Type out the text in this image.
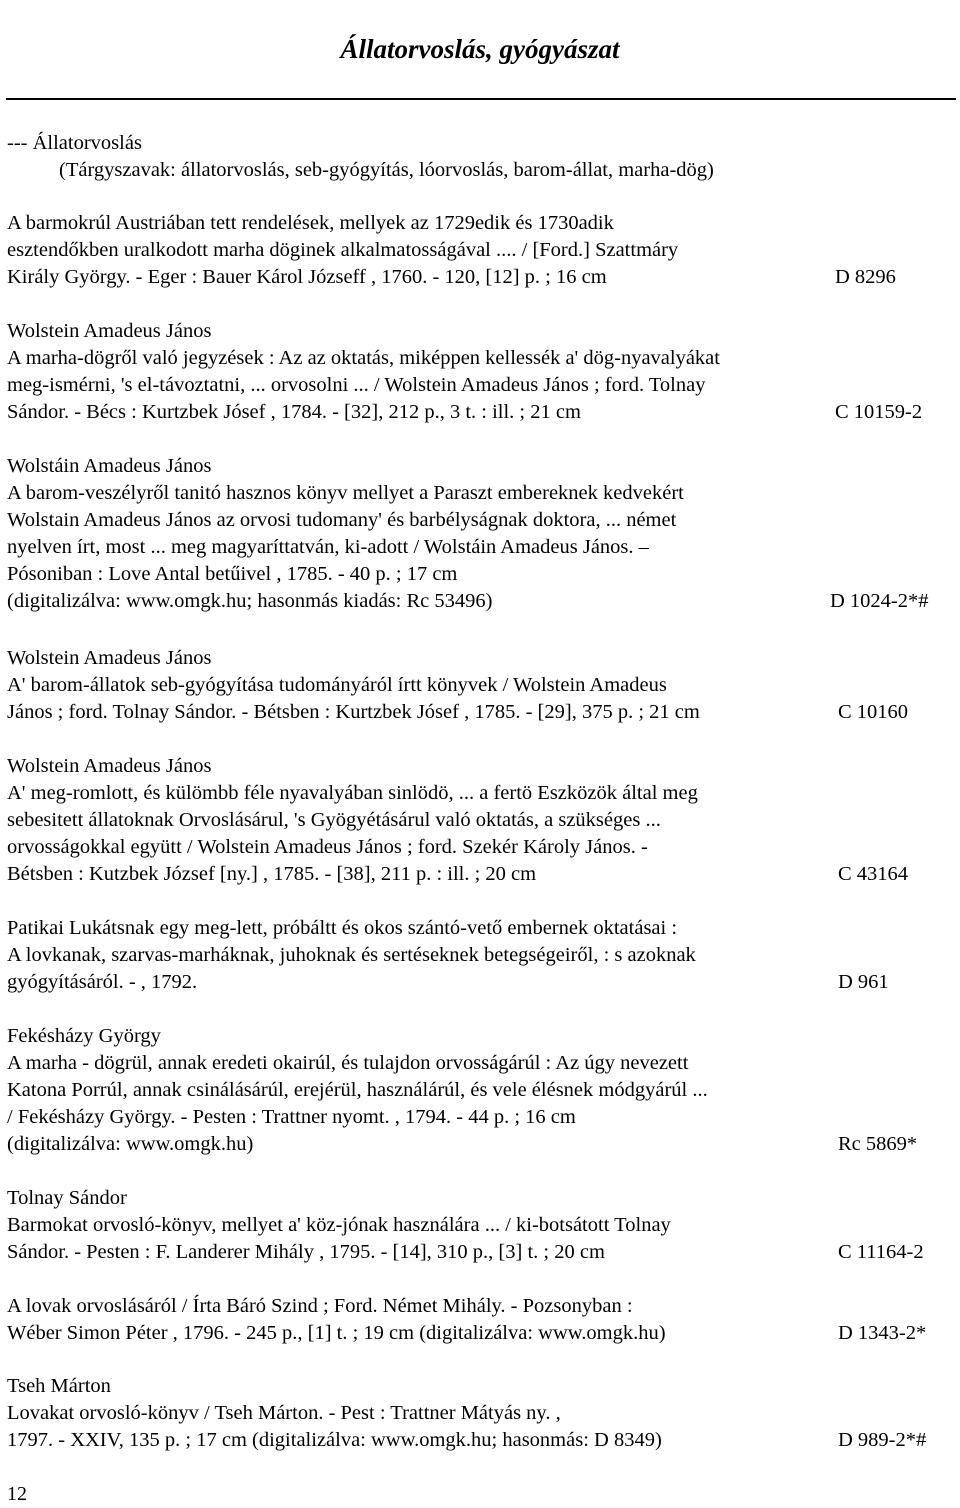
Állatorvoslás, gyógyászat
--- Állatorvoslás
(Tárgyszavak: állatorvoslás, seb-gyógyítás, lóorvoslás, barom-állat, marha-dög)
A barmokrúl Austriában tett rendelések, mellyek az 1729edik és 1730adik
esztendőkben uralkodott marha döginek alkalmatosságával .... / [Ford.] Szattmáry
Király György. - Eger : Bauer Károl Józseff , 1760. - 120, [12] p. ; 16 cm	D 8296
Wolstein Amadeus János
A marha-dögről való jegyzések : Az az oktatás, miképpen kellessék a' dög-nyavalyákat
meg-ismérni, 's el-távoztatni, ... orvosolni ... / Wolstein Amadeus János ; ford. Tolnay
Sándor. - Bécs : Kurtzbek Jósef , 1784. - [32], 212 p., 3 t. : ill. ; 21 cm	C 10159-2
Wolstáin Amadeus János
A barom-veszélyről tanitó hasznos könyv mellyet a Paraszt embereknek kedvekért
Wolstain Amadeus János az orvosi tudomany' és barbélyságnak doktora, ... német
nyelven írt, most ... meg magyaríttatván, ki-adott / Wolstáin Amadeus János. –
Pósoniban : Love Antal betűivel , 1785. - 40 p. ; 17 cm
(digitalizálva: www.omgk.hu; hasonmás kiadás: Rc 53496)	D 1024-2*#
Wolstein Amadeus János
A' barom-állatok seb-gyógyítása tudományáról írtt könyvek / Wolstein Amadeus
János ; ford. Tolnay Sándor. - Bétsben : Kurtzbek Jósef , 1785. - [29], 375 p. ; 21 cm	C 10160
Wolstein Amadeus János
A' meg-romlott, és külömbb féle nyavalyában sinlödö, ... a fertö Eszközök által meg
sebesitett állatoknak Orvoslásárul, 's Gyögyétásárul való oktatás, a szükséges ...
orvosságokkal együtt / Wolstein Amadeus János ; ford. Szekér Károly János. -
Bétsben : Kutzbek József [ny.] , 1785. - [38], 211 p. : ill. ; 20 cm	C 43164
Patikai Lukátsnak egy meg-lett, próbáltt és okos szántó-vető embernek oktatásai :
A lovkanak, szarvas-marháknak, juhoknak és sertéseknek betegségeiről, : s azoknak
gyógyításáról. - , 1792.	D 961
Fekésházy György
A marha - dögrül, annak eredeti okairúl, és tulajdon orvosságárúl : Az úgy nevezett
Katona Porrúl, annak csinálásárúl, erejérül, használárúl, és vele élésnek módgyárúl ...
/ Fekésházy György. - Pesten : Trattner nyomt. , 1794. - 44 p. ; 16 cm
(digitalizálva: www.omgk.hu)	Rc 5869*
Tolnay Sándor
Barmokat orvosló-könyv, mellyet a' köz-jónak használára ... / ki-botsátott Tolnay
Sándor. - Pesten : F. Landerer Mihály , 1795. - [14], 310 p., [3] t. ; 20 cm	C 11164-2
A lovak orvoslásáról / Írta Báró Szind ; Ford. Német Mihály. - Pozsonyban :
Wéber Simon Péter , 1796. - 245 p., [1] t. ; 19 cm (digitalizálva: www.omgk.hu)	D 1343-2*
Tseh Márton
Lovakat orvosló-könyv / Tseh Márton. - Pest : Trattner Mátyás ny. ,
1797. - XXIV, 135 p. ; 17 cm (digitalizálva: www.omgk.hu; hasonmás: D 8349)	D 989-2*#
12
